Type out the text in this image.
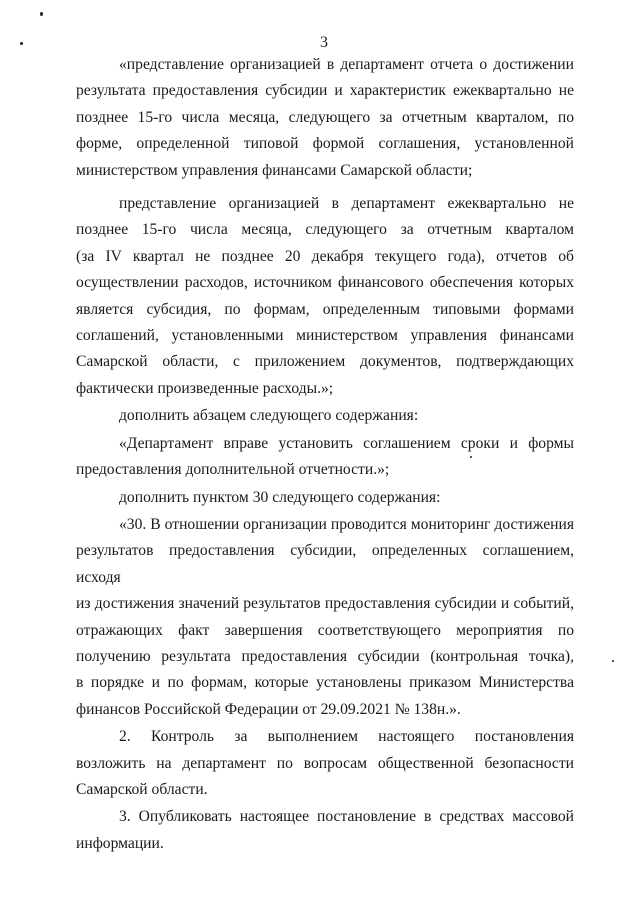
3
«представление организацией в департамент отчета о достижении
результата предоставления субсидии и характеристик ежеквартально не
позднее 15-го числа месяца, следующего за отчетным кварталом, по
форме, определенной типовой формой соглашения, установленной
министерством управления финансами Самарской области;
представление организацией в департамент ежеквартально не
позднее 15-го числа месяца, следующего за отчетным кварталом
(за IV квартал не позднее 20 декабря текущего года), отчетов об
осуществлении расходов, источником финансового обеспечения которых
является субсидия, по формам, определенным типовыми формами
соглашений, установленными министерством управления финансами
Самарской области, с приложением документов, подтверждающих
фактически произведенные расходы.»;
дополнить абзацем следующего содержания:
«Департамент вправе установить соглашением сроки и формы
предоставления дополнительной отчетности.»;
дополнить пунктом 30 следующего содержания:
«30. В отношении организации проводится мониторинг достижения
результатов предоставления субсидии, определенных соглашением, исходя
из достижения значений результатов предоставления субсидии и событий,
отражающих факт завершения соответствующего мероприятия по
получению результата предоставления субсидии (контрольная точка),
в порядке и по формам, которые установлены приказом Министерства
финансов Российской Федерации от 29.09.2021 № 138н.».
2. Контроль за выполнением настоящего постановления
возложить на департамент по вопросам общественной безопасности
Самарской области.
3. Опубликовать настоящее постановление в средствах массовой
информации.
